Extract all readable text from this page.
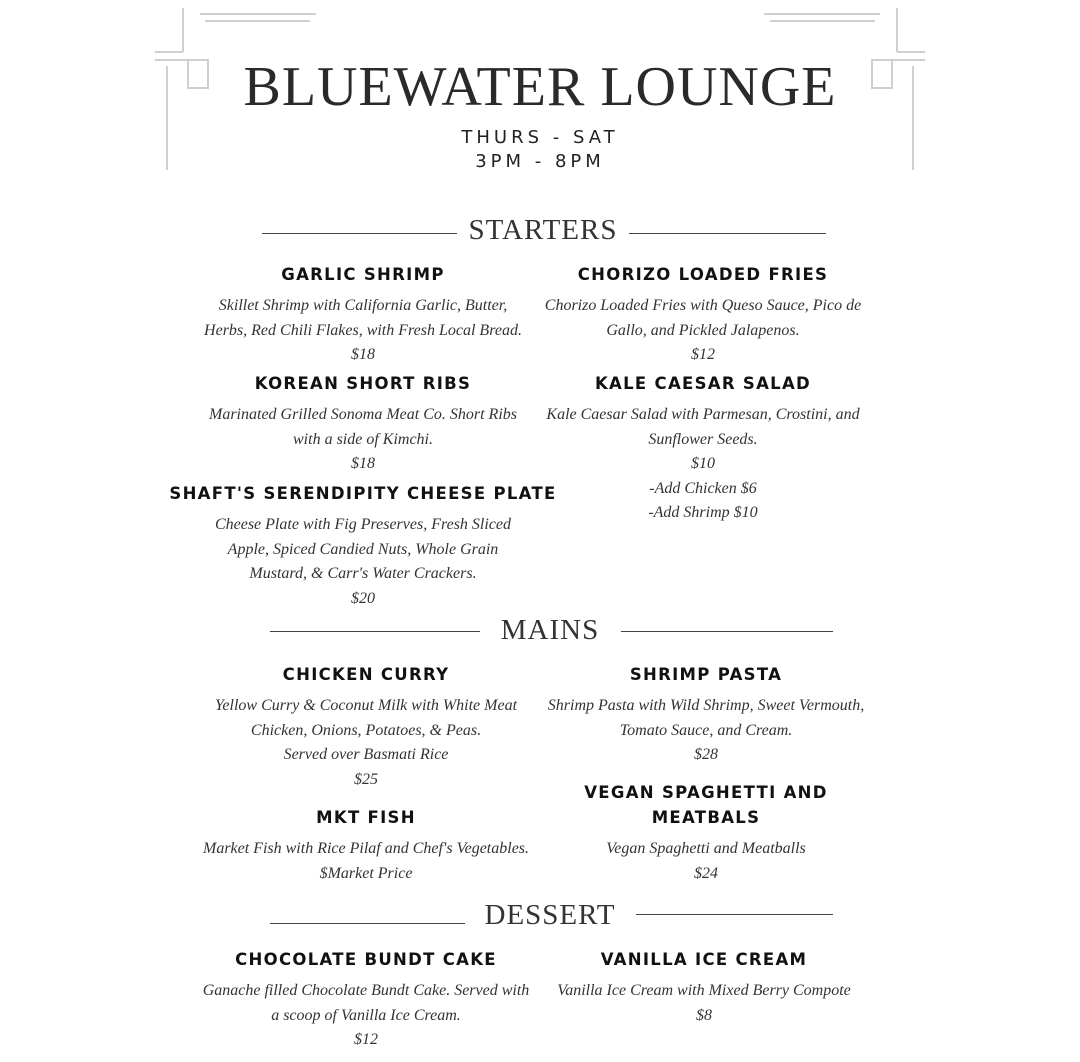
BLUEWATER LOUNGE
THURS - SAT
3PM - 8PM
STARTERS
GARLIC SHRIMP
Skillet Shrimp with California Garlic, Butter,
Herbs, Red Chili Flakes, with Fresh Local Bread.
$18
CHORIZO LOADED FRIES
Chorizo Loaded Fries with Queso Sauce, Pico de
Gallo, and Pickled Jalapenos.
$12
KOREAN SHORT RIBS
Marinated Grilled Sonoma Meat Co. Short Ribs
with a side of Kimchi.
$18
KALE CAESAR SALAD
Kale Caesar Salad with Parmesan, Crostini, and
Sunflower Seeds.
$10
-Add Chicken $6
-Add Shrimp $10
SHAFT'S SERENDIPITY CHEESE PLATE
Cheese Plate with Fig Preserves, Fresh Sliced
Apple, Spiced Candied Nuts, Whole Grain
Mustard, & Carr's Water Crackers.
$20
MAINS
CHICKEN CURRY
Yellow Curry & Coconut Milk with White Meat
Chicken, Onions, Potatoes, & Peas.
Served over Basmati Rice
$25
SHRIMP PASTA
Shrimp Pasta with Wild Shrimp, Sweet Vermouth,
Tomato Sauce, and Cream.
$28
MKT FISH
Market Fish with Rice Pilaf and Chef's Vegetables.
$Market Price
VEGAN SPAGHETTI AND
MEATBALS
Vegan Spaghetti and Meatballs
$24
DESSERT
CHOCOLATE BUNDT CAKE
Ganache filled Chocolate Bundt Cake. Served with
a scoop of Vanilla Ice Cream.
$12
VANILLA ICE CREAM
Vanilla Ice Cream with Mixed Berry Compote
$8
